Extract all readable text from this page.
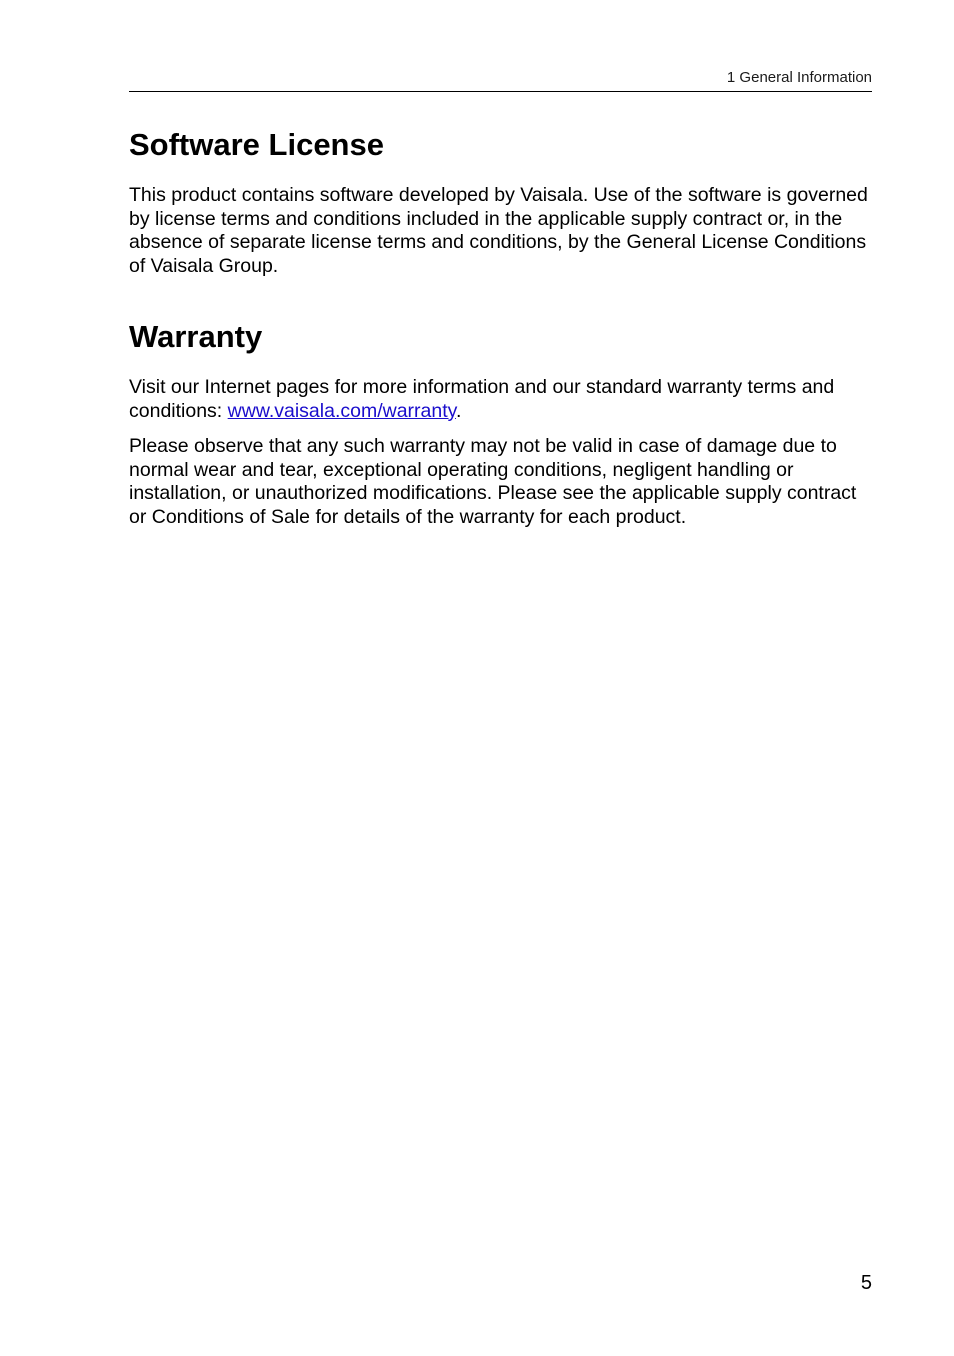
1 General Information
Software License

This product contains software developed by Vaisala. Use of the software is governed by license terms and conditions included in the applicable supply contract or, in the absence of separate license terms and conditions, by the General License Conditions of Vaisala Group.

Warranty

Visit our Internet pages for more information and our standard warranty terms and conditions: www.vaisala.com/warranty.

Please observe that any such warranty may not be valid in case of damage due to normal wear and tear, exceptional operating conditions, negligent handling or installation, or unauthorized modifications. Please see the applicable supply contract or Conditions of Sale for details of the warranty for each product.

5
